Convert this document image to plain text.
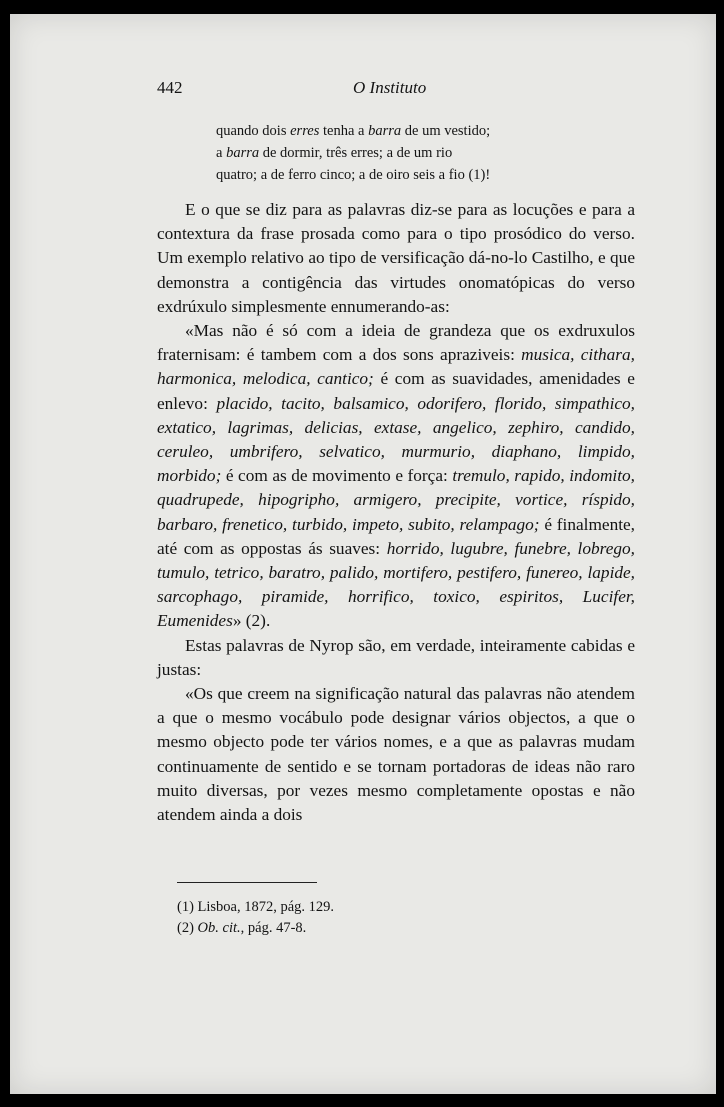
442	O Instituto
quando dois erres tenha a barra de um vestido;
a barra de dormir, três erres; a de um rio
quatro; a de ferro cinco; a de oiro seis a fio (1)!

E o que se diz para as palavras diz-se para as locuções e para a contextura da frase prosada como para o tipo prosódico do verso. Um exemplo relativo ao tipo de versificação dá-no-lo Castilho, e que demonstra a contigência das virtudes onomatópicas do verso exdrúxulo simplesmente ennumerando-as:

«Mas não é só com a ideia de grandeza que os exdruxulos fraternisam: é tambem com a dos sons apraziveis: musica, cithara, harmonica, melodica, cantico; é com as suavidades, amenidades e enlevo: placido, tacito, balsamico, odorifero, florido, simpathico, extatico, lagrimas, delicias, extase, angelico, zephiro, candido, ceruleo, umbrifero, selvatico, murmurio, diaphano, limpido, morbido; é com as de movimento e força: tremulo, rapido, indomito, quadrupede, hipogripho, armigero, precipite, vortice, ríspido, barbaro, frenetico, turbido, impeto, subito, relampago; é finalmente, até com as oppostas ás suaves: horrido, lugubre, funebre, lobrego, tumulo, tetrico, baratro, palido, mortifero, pestifero, funereo, lapide, sarcophago, piramide, horrifico, toxico, espiritos, Lucifer, Eumenides» (2).

Estas palavras de Nyrop são, em verdade, inteiramente cabidas e justas:

«Os que creem na significação natural das palavras não atendem a que o mesmo vocábulo pode designar vários objectos, a que o mesmo objecto pode ter vários nomes, e a que as palavras mudam continuamente de sentido e se tornam portadoras de ideas não raro muito diversas, por vezes mesmo completamente opostas e não atendem ainda a dois

(1) Lisboa, 1872, pág. 129.
(2) Ob. cit., pág. 47-8.
